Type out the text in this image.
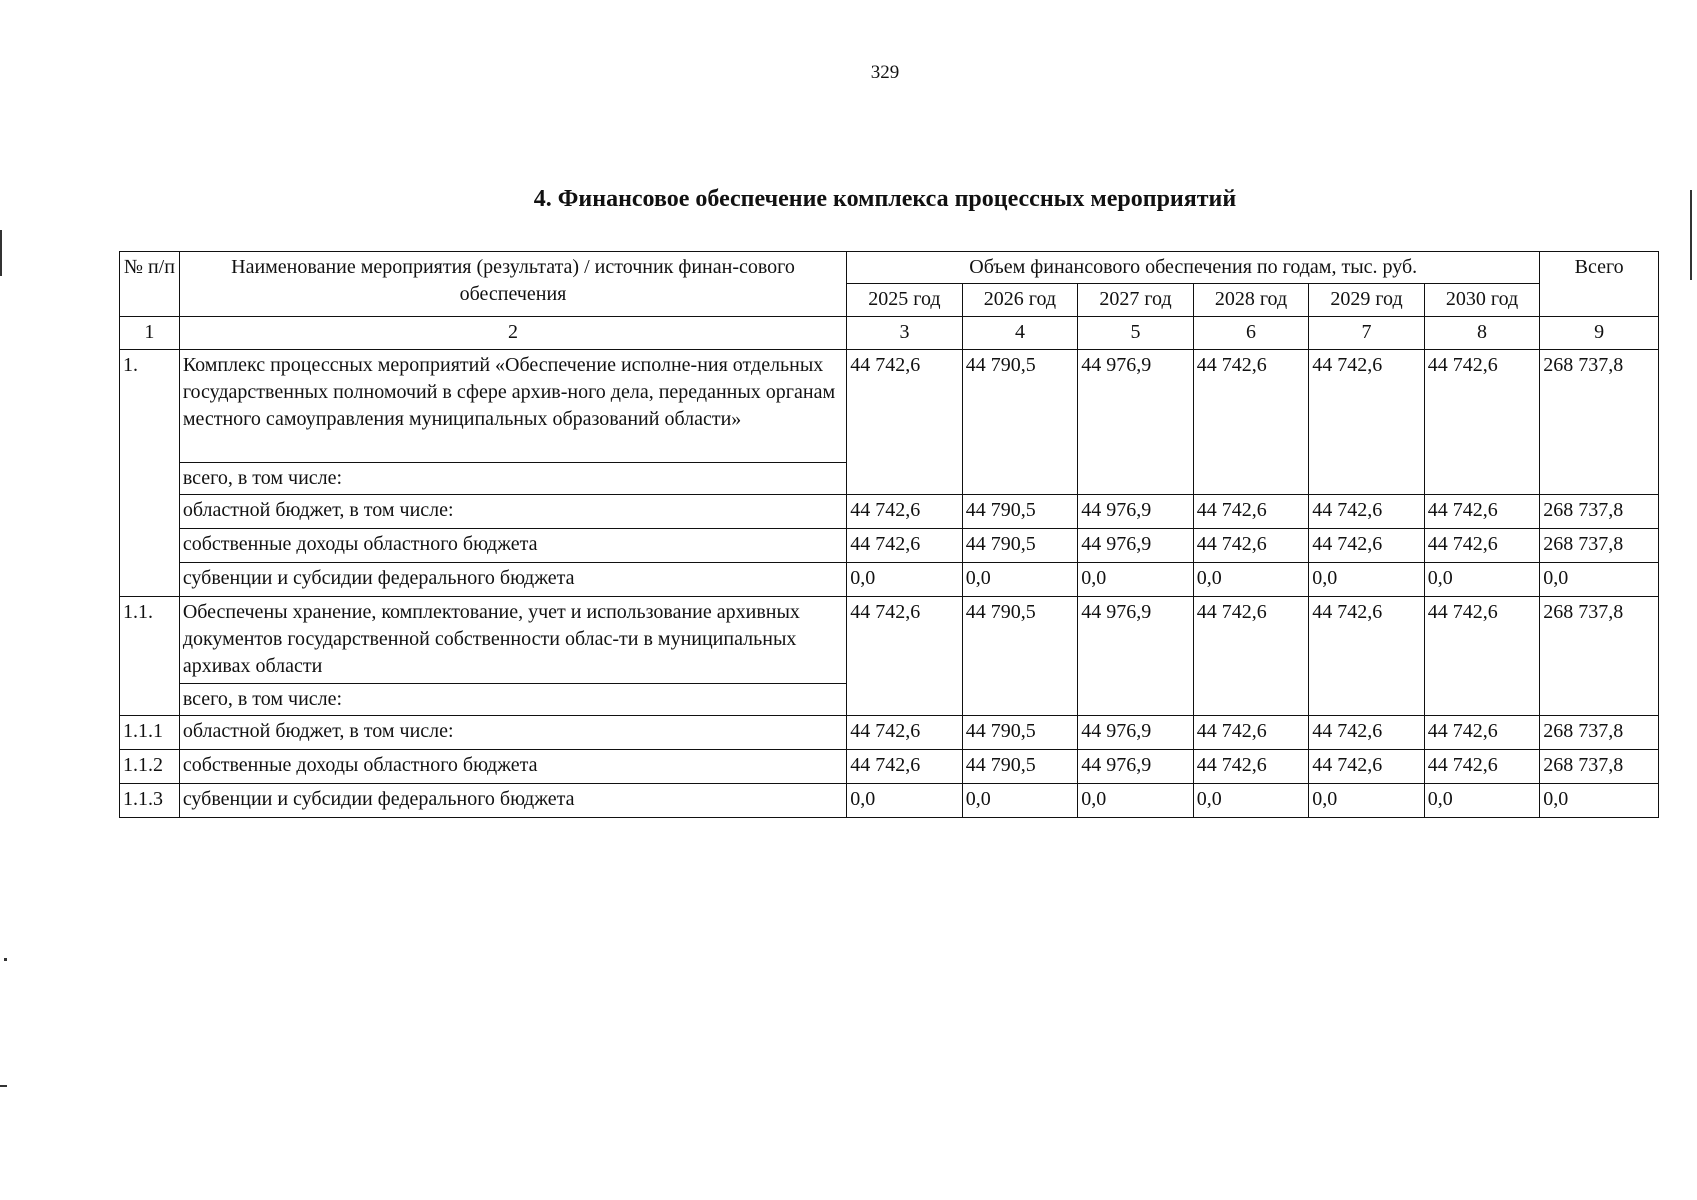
329
4. Финансовое обеспечение комплекса процессных мероприятий
№ п/п	Наименование мероприятия (результата) / источник финан-сового обеспечения	Объем финансового обеспечения по годам, тыс. руб.						Всего
		2025 год	2026 год	2027 год	2028 год	2029 год	2030 год	
1	2	3	4	5	6	7	8	9
1.	Комплекс процессных мероприятий «Обеспечение исполне-ния отдельных государственных полномочий в сфере архив-ного дела, переданных органам местного самоуправления муниципальных образований области»	44 742,6	44 790,5	44 976,9	44 742,6	44 742,6	44 742,6	268 737,8
	всего, в том числе:							
	областной бюджет, в том числе:	44 742,6	44 790,5	44 976,9	44 742,6	44 742,6	44 742,6	268 737,8
	собственные доходы областного бюджета	44 742,6	44 790,5	44 976,9	44 742,6	44 742,6	44 742,6	268 737,8
	субвенции и субсидии федерального бюджета	0,0	0,0	0,0	0,0	0,0	0,0	0,0
1.1.	Обеспечены хранение, комплектование, учет и использование архивных документов государственной собственности облас-ти в муниципальных архивах области	44 742,6	44 790,5	44 976,9	44 742,6	44 742,6	44 742,6	268 737,8
	всего, в том числе:							
1.1.1	областной бюджет, в том числе:	44 742,6	44 790,5	44 976,9	44 742,6	44 742,6	44 742,6	268 737,8
1.1.2	собственные доходы областного бюджета	44 742,6	44 790,5	44 976,9	44 742,6	44 742,6	44 742,6	268 737,8
1.1.3	субвенции и субсидии федерального бюджета	0,0	0,0	0,0	0,0	0,0	0,0	0,0
